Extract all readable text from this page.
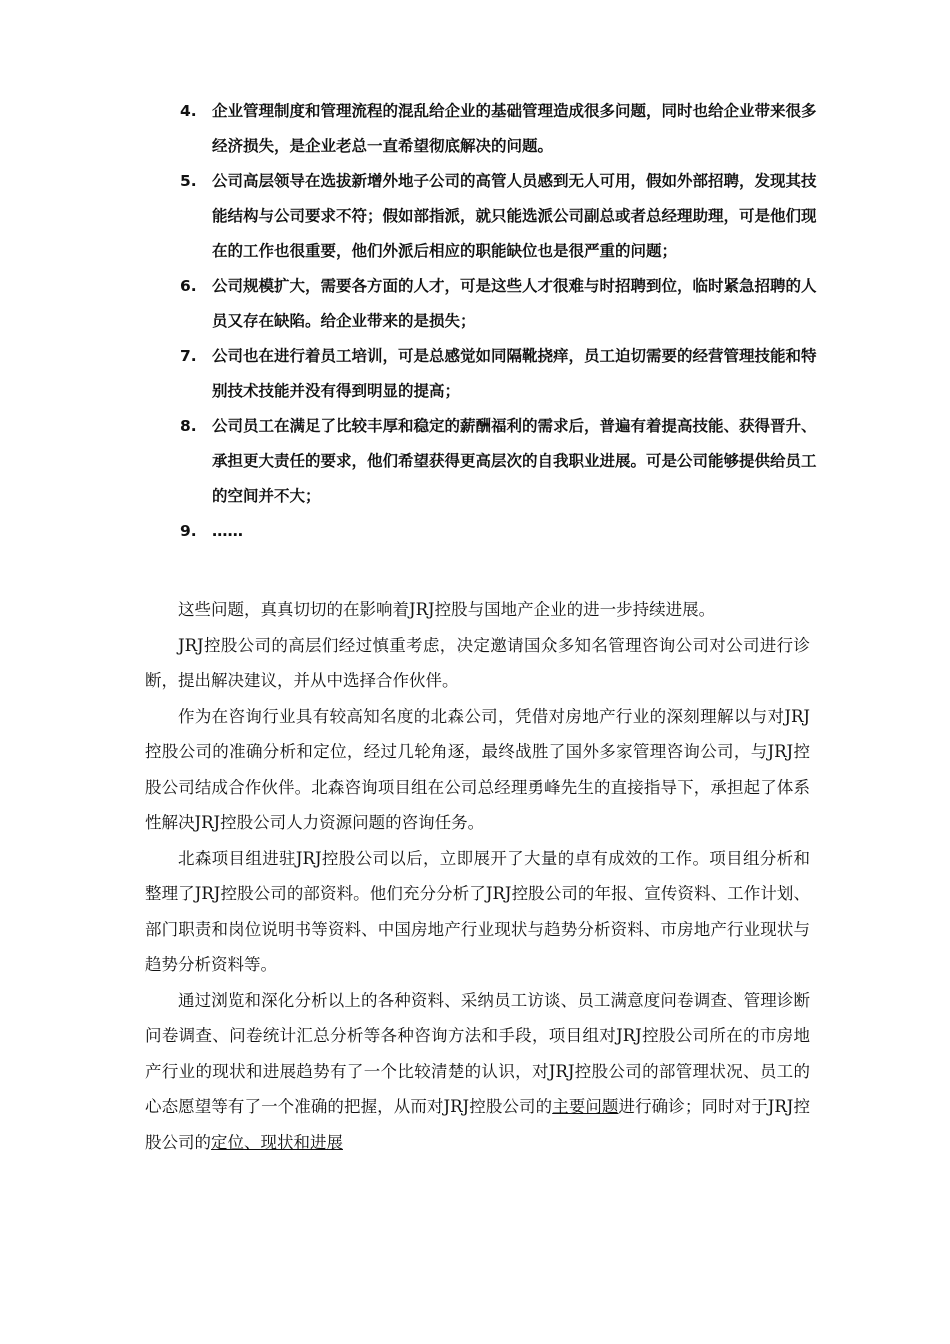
4. 企业管理制度和管理流程的混乱给企业的基础管理造成很多问题，同时也给企业带来很多经济损失，是企业老总一直希望彻底解决的问题。
5. 公司高层领导在选拔新增外地子公司的高管人员感到无人可用，假如外部招聘，发现其技能结构与公司要求不符；假如部指派，就只能选派公司副总或者总经理助理，可是他们现在的工作也很重要，他们外派后相应的职能缺位也是很严重的问题；
6. 公司规模扩大，需要各方面的人才，可是这些人才很难与时招聘到位，临时紧急招聘的人员又存在缺陷。给企业带来的是损失；
7. 公司也在进行着员工培训，可是总感觉如同隔靴挠痒，员工迫切需要的经营管理技能和特别技术技能并没有得到明显的提高；
8. 公司员工在满足了比较丰厚和稳定的薪酬福利的需求后，普遍有着提高技能、获得晋升、承担更大责任的要求，他们希望获得更高层次的自我职业进展。可是公司能够提供给员工的空间并不大；
9. ……

这些问题，真真切切的在影响着JRJ控股与国地产企业的进一步持续进展。

JRJ控股公司的高层们经过慎重考虑，决定邀请国众多知名管理咨询公司对公司进行诊断，提出解决建议，并从中选择合作伙伴。

作为在咨询行业具有较高知名度的北森公司，凭借对房地产行业的深刻理解以与对JRJ控股公司的准确分析和定位，经过几轮角逐，最终战胜了国外多家管理咨询公司，与JRJ控股公司结成合作伙伴。北森咨询项目组在公司总经理勇峰先生的直接指导下，承担起了体系性解决JRJ控股公司人力资源问题的咨询任务。

北森项目组进驻JRJ控股公司以后，立即展开了大量的卓有成效的工作。项目组分析和整理了JRJ控股公司的部资料。他们充分分析了JRJ控股公司的年报、宣传资料、工作计划、部门职责和岗位说明书等资料、中国房地产行业现状与趋势分析资料、市房地产行业现状与趋势分析资料等。

通过浏览和深化分析以上的各种资料、采纳员工访谈、员工满意度问卷调查、管理诊断问卷调查、问卷统计汇总分析等各种咨询方法和手段，项目组对JRJ控股公司所在的市房地产行业的现状和进展趋势有了一个比较清楚的认识，对JRJ控股公司的部管理状况、员工的心态愿望等有了一个准确的把握，从而对JRJ控股公司的主要问题进行确诊；同时对于JRJ控股公司的定位、现状和进展
